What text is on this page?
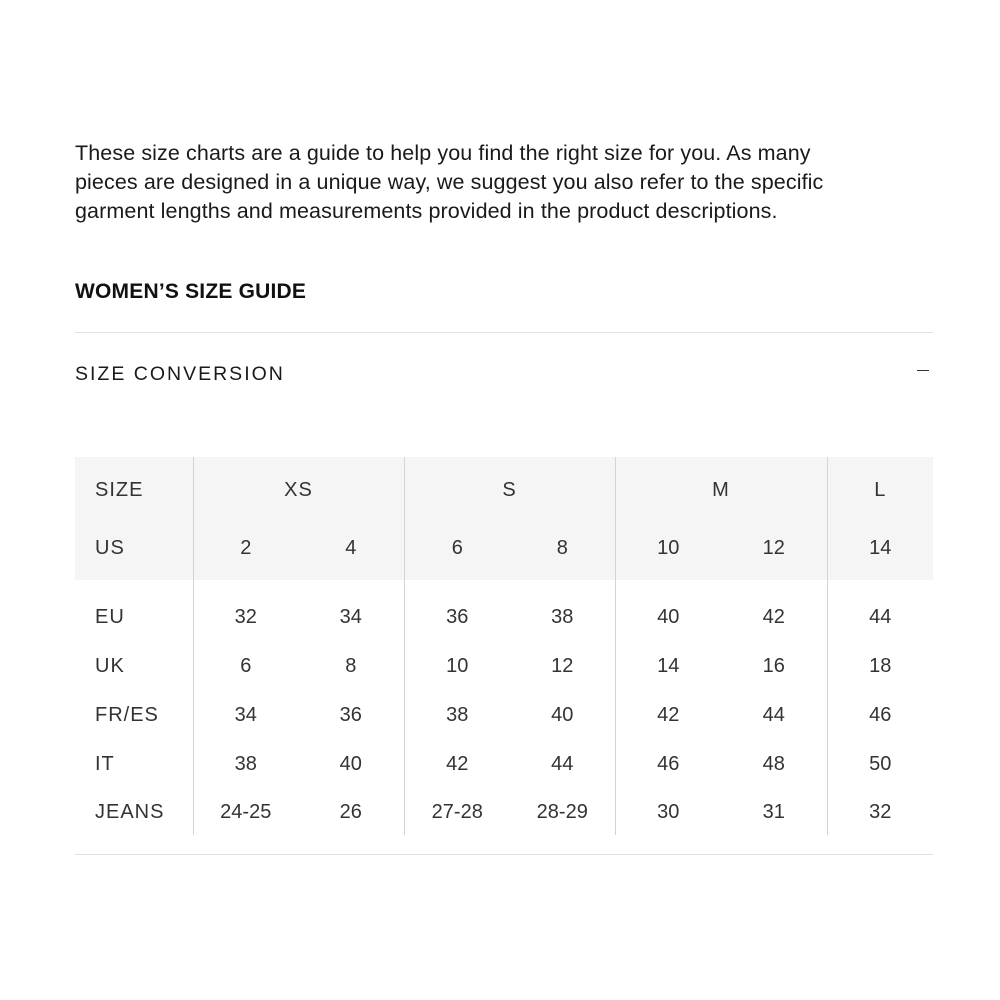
These size charts are a guide to help you find the right size for you. As many
pieces are designed in a unique way, we suggest you also refer to the specific
garment lengths and measurements provided in the product descriptions.

WOMEN’S SIZE GUIDE
SIZE CONVERSION
SIZE	XS		S		M		L
US	2	4	6	8	10	12	14

EU	32	34	36	38	40	42	44
UK	6	8	10	12	14	16	18
FR/ES	34	36	38	40	42	44	46
IT	38	40	42	44	46	48	50
JEANS	24-25	26	27-28	28-29	30	31	32
